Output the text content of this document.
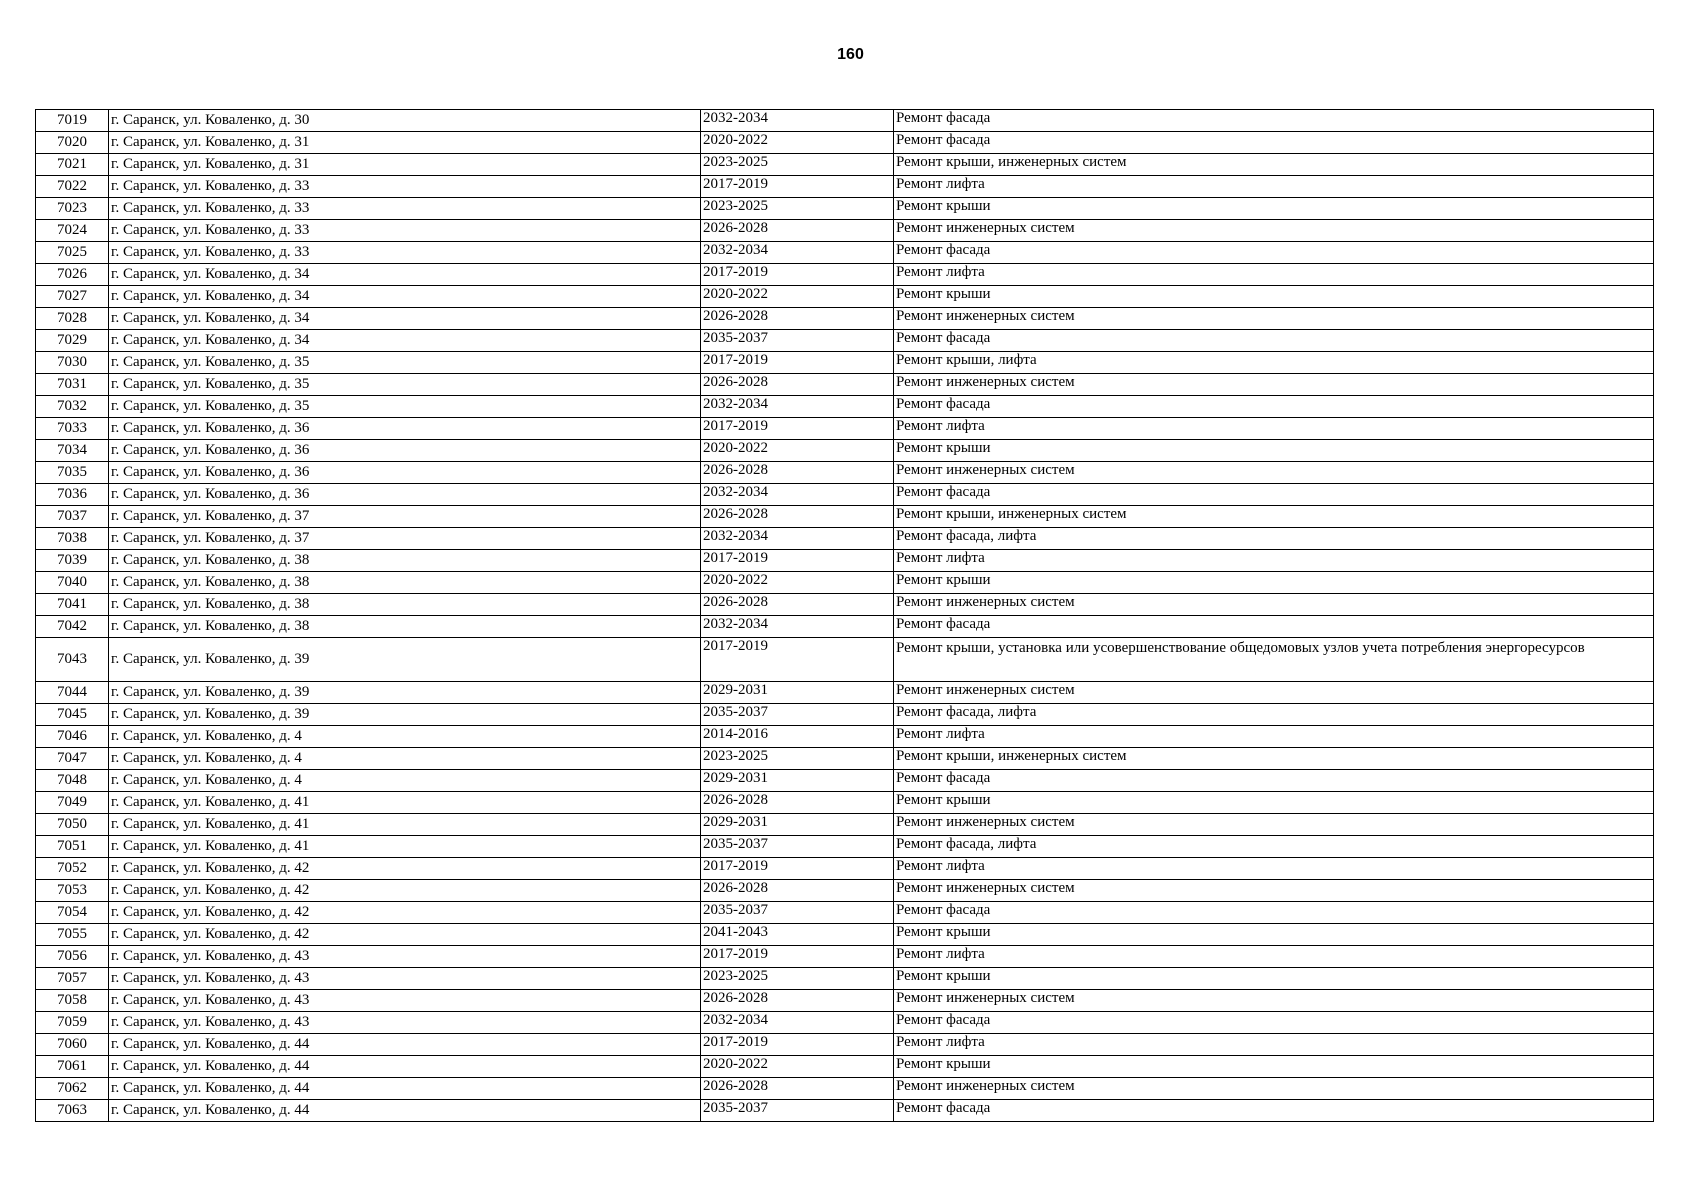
160
7019	г. Саранск, ул. Коваленко, д. 30	2032-2034	Ремонт фасада
7020	г. Саранск, ул. Коваленко, д. 31	2020-2022	Ремонт фасада
7021	г. Саранск, ул. Коваленко, д. 31	2023-2025	Ремонт крыши, инженерных систем
7022	г. Саранск, ул. Коваленко, д. 33	2017-2019	Ремонт лифта
7023	г. Саранск, ул. Коваленко, д. 33	2023-2025	Ремонт крыши
7024	г. Саранск, ул. Коваленко, д. 33	2026-2028	Ремонт инженерных систем
7025	г. Саранск, ул. Коваленко, д. 33	2032-2034	Ремонт фасада
7026	г. Саранск, ул. Коваленко, д. 34	2017-2019	Ремонт лифта
7027	г. Саранск, ул. Коваленко, д. 34	2020-2022	Ремонт крыши
7028	г. Саранск, ул. Коваленко, д. 34	2026-2028	Ремонт инженерных систем
7029	г. Саранск, ул. Коваленко, д. 34	2035-2037	Ремонт фасада
7030	г. Саранск, ул. Коваленко, д. 35	2017-2019	Ремонт крыши, лифта
7031	г. Саранск, ул. Коваленко, д. 35	2026-2028	Ремонт инженерных систем
7032	г. Саранск, ул. Коваленко, д. 35	2032-2034	Ремонт фасада
7033	г. Саранск, ул. Коваленко, д. 36	2017-2019	Ремонт лифта
7034	г. Саранск, ул. Коваленко, д. 36	2020-2022	Ремонт крыши
7035	г. Саранск, ул. Коваленко, д. 36	2026-2028	Ремонт инженерных систем
7036	г. Саранск, ул. Коваленко, д. 36	2032-2034	Ремонт фасада
7037	г. Саранск, ул. Коваленко, д. 37	2026-2028	Ремонт крыши, инженерных систем
7038	г. Саранск, ул. Коваленко, д. 37	2032-2034	Ремонт фасада, лифта
7039	г. Саранск, ул. Коваленко, д. 38	2017-2019	Ремонт лифта
7040	г. Саранск, ул. Коваленко, д. 38	2020-2022	Ремонт крыши
7041	г. Саранск, ул. Коваленко, д. 38	2026-2028	Ремонт инженерных систем
7042	г. Саранск, ул. Коваленко, д. 38	2032-2034	Ремонт фасада
7043	г. Саранск, ул. Коваленко, д. 39	2017-2019	Ремонт крыши, установка или усовершенствование общедомовых узлов учета потребления энергоресурсов
7044	г. Саранск, ул. Коваленко, д. 39	2029-2031	Ремонт инженерных систем
7045	г. Саранск, ул. Коваленко, д. 39	2035-2037	Ремонт фасада, лифта
7046	г. Саранск, ул. Коваленко, д. 4	2014-2016	Ремонт лифта
7047	г. Саранск, ул. Коваленко, д. 4	2023-2025	Ремонт крыши, инженерных систем
7048	г. Саранск, ул. Коваленко, д. 4	2029-2031	Ремонт фасада
7049	г. Саранск, ул. Коваленко, д. 41	2026-2028	Ремонт крыши
7050	г. Саранск, ул. Коваленко, д. 41	2029-2031	Ремонт инженерных систем
7051	г. Саранск, ул. Коваленко, д. 41	2035-2037	Ремонт фасада, лифта
7052	г. Саранск, ул. Коваленко, д. 42	2017-2019	Ремонт лифта
7053	г. Саранск, ул. Коваленко, д. 42	2026-2028	Ремонт инженерных систем
7054	г. Саранск, ул. Коваленко, д. 42	2035-2037	Ремонт фасада
7055	г. Саранск, ул. Коваленко, д. 42	2041-2043	Ремонт крыши
7056	г. Саранск, ул. Коваленко, д. 43	2017-2019	Ремонт лифта
7057	г. Саранск, ул. Коваленко, д. 43	2023-2025	Ремонт крыши
7058	г. Саранск, ул. Коваленко, д. 43	2026-2028	Ремонт инженерных систем
7059	г. Саранск, ул. Коваленко, д. 43	2032-2034	Ремонт фасада
7060	г. Саранск, ул. Коваленко, д. 44	2017-2019	Ремонт лифта
7061	г. Саранск, ул. Коваленко, д. 44	2020-2022	Ремонт крыши
7062	г. Саранск, ул. Коваленко, д. 44	2026-2028	Ремонт инженерных систем
7063	г. Саранск, ул. Коваленко, д. 44	2035-2037	Ремонт фасада
